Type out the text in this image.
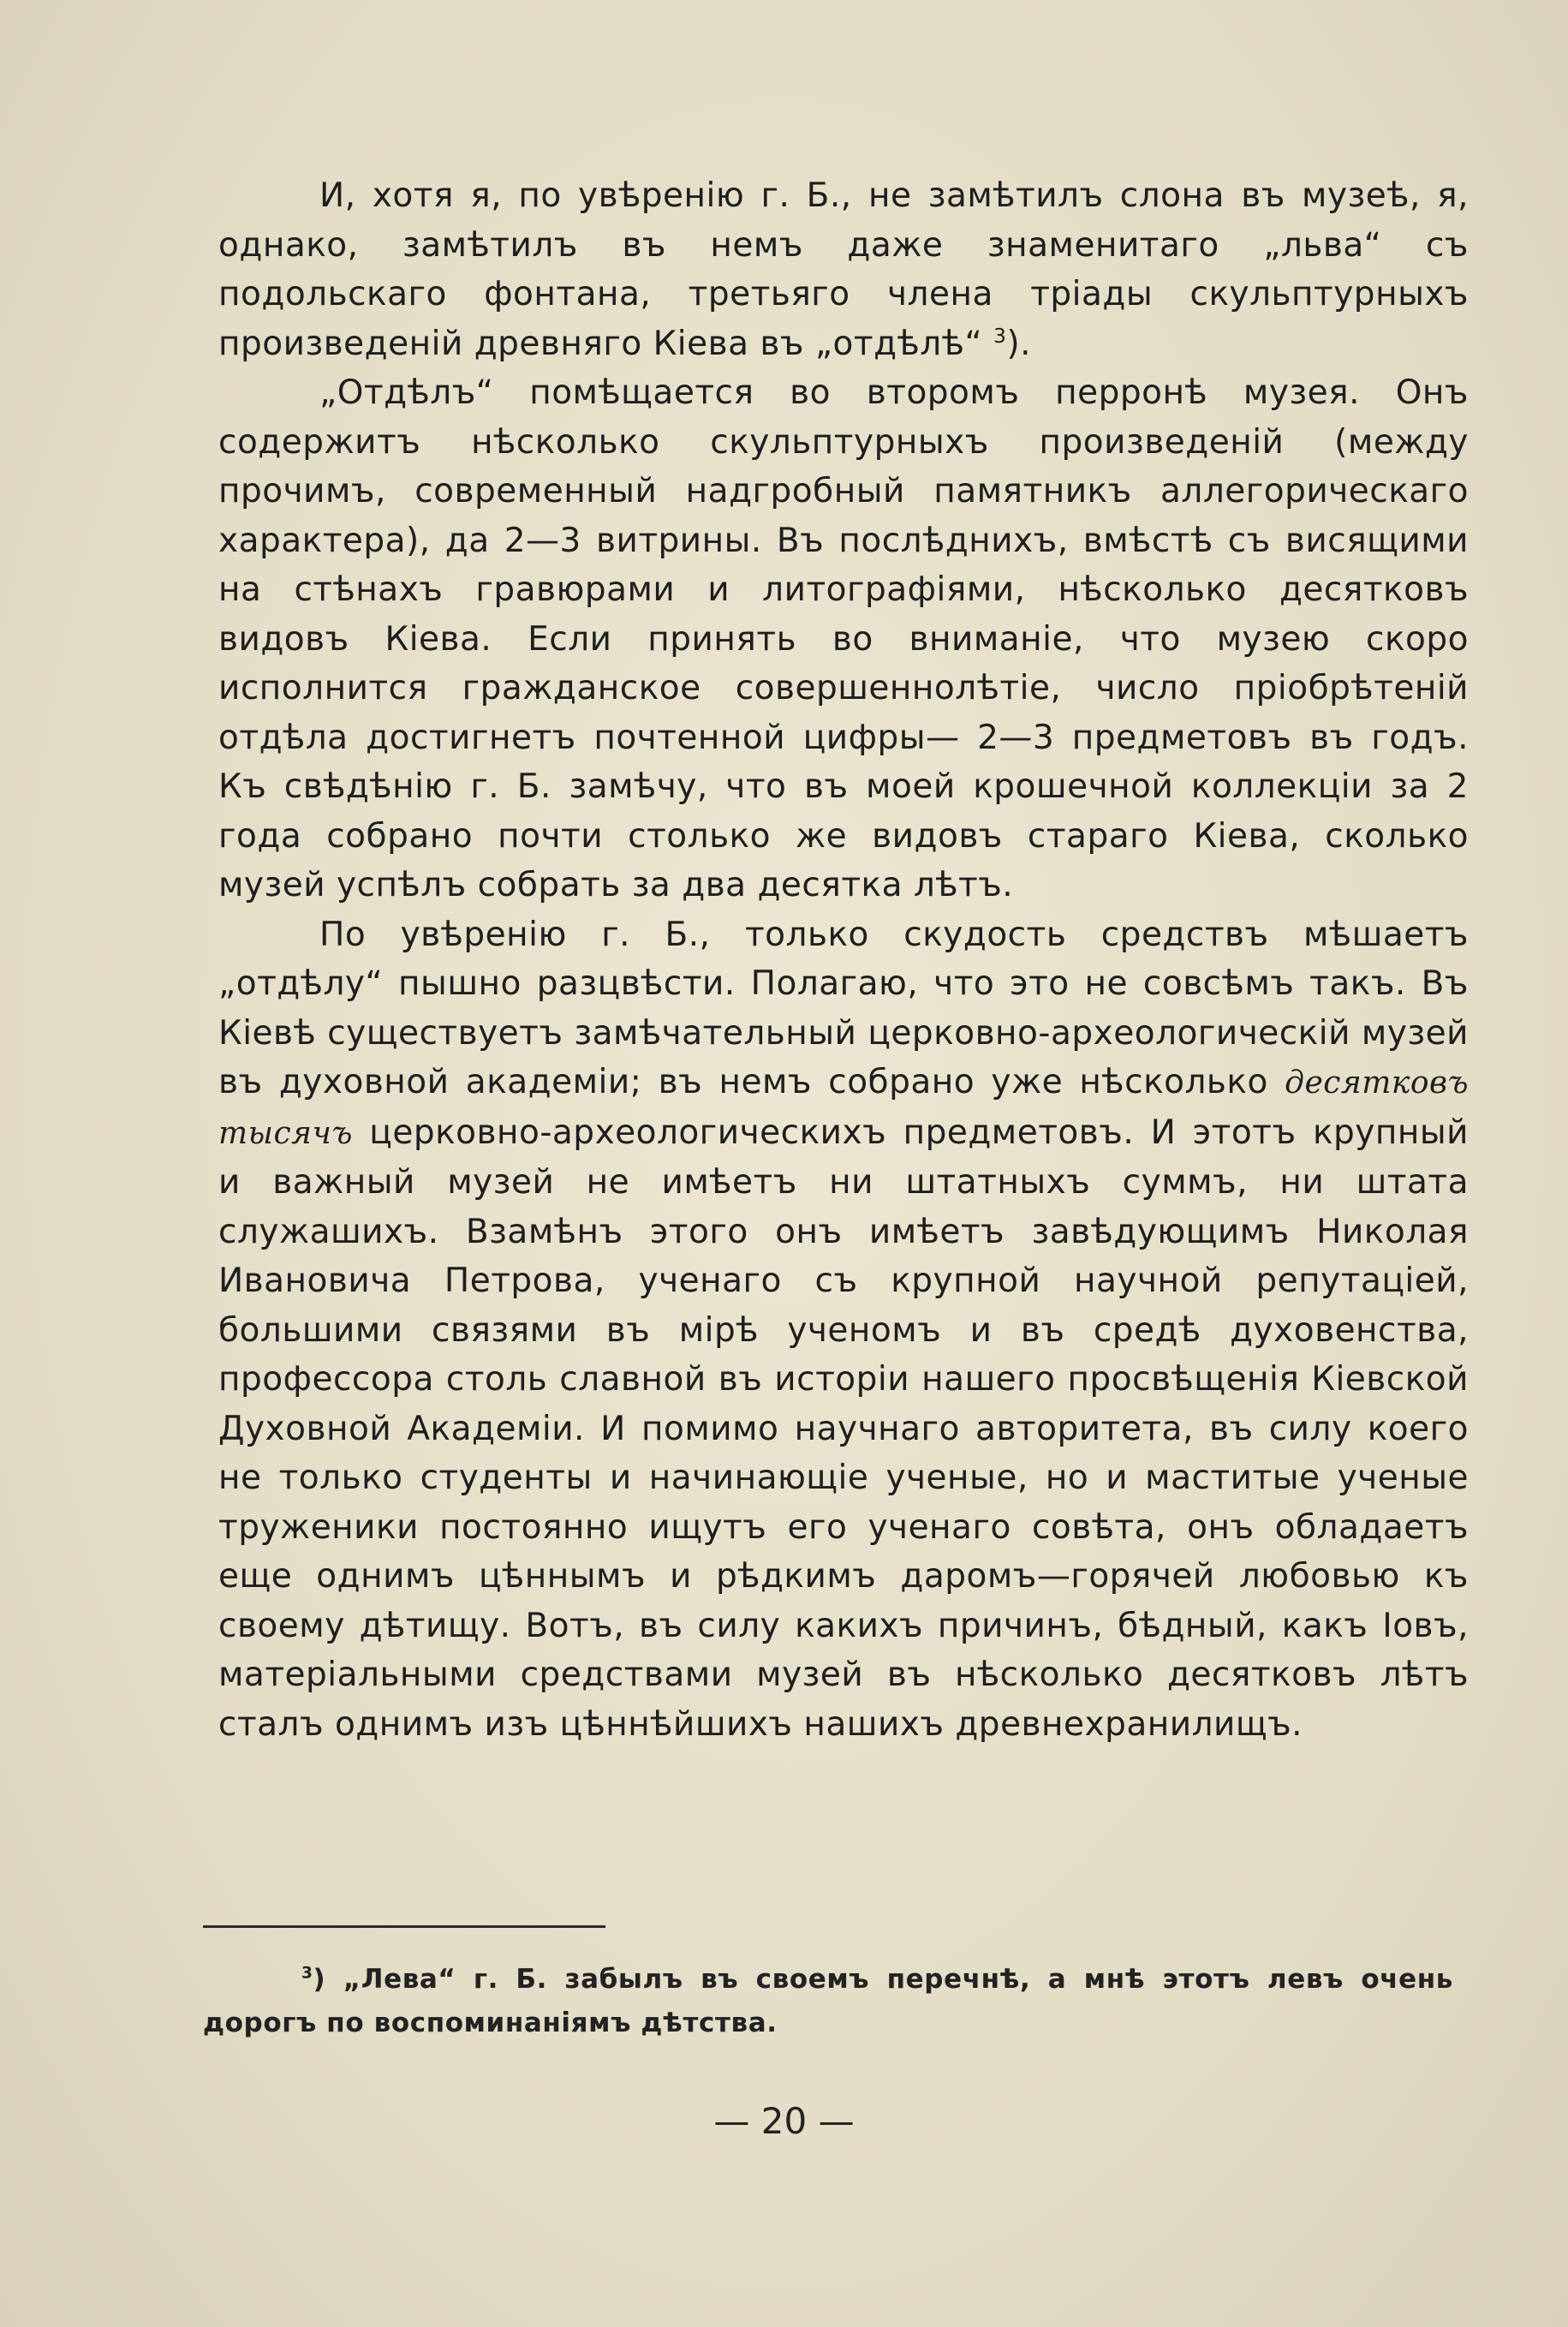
И, хотя я, по увѣренію г. Б., не замѣтилъ слона въ музеѣ, я, однако, замѣтилъ въ немъ даже знаменитаго „льва“ съ подольскаго фонтана, третьяго члена тріады скульптурныхъ произведеній древняго Кіева въ „отдѣлѣ“ $^3$).

„Отдѣлъ“ помѣщается во второмъ перронѣ музея. Онъ содержитъ нѣсколько скульптурныхъ произведеній (между прочимъ, современный надгробный памятникъ аллегорическаго характера), да 2—3 витрины. Въ послѣднихъ, вмѣстѣ съ висящими на стѣнахъ гравюрами и литографіями, нѣсколько десятковъ видовъ Кіева. Если принять во вниманіе, что музею скоро исполнится гражданское совершеннолѣтіе, число пріобрѣтеній отдѣла достигнетъ почтенной цифры— 2—3 предметовъ въ годъ. Къ свѣдѣнію г. Б. замѣчу, что въ моей крошечной коллекціи за 2 года собрано почти столько же видовъ стараго Кіева, сколько музей успѣлъ собрать за два десятка лѣтъ.

По увѣренію г. Б., только скудость средствъ мѣшаетъ „отдѣлу“ пышно разцвѣсти. Полагаю, что это не совсѣмъ такъ. Въ Кіевѣ существуетъ замѣчательный церковно-археологическій музей въ духовной академіи; въ немъ собрано уже нѣсколько десятковъ тысячъ церковно-археологическихъ предметовъ. И этотъ крупный и важный музей не имѣетъ ни штатныхъ суммъ, ни штата служашихъ. Взамѣнъ этого онъ имѣетъ завѣдующимъ Николая Ивановича Петрова, ученаго съ крупной научной репутаціей, большими связями въ мірѣ ученомъ и въ средѣ духовенства, профессора столь славной въ исторіи нашего просвѣщенія Кіевской Духовной Академіи. И помимо научнаго авторитета, въ силу коего не только студенты и начинающіе ученые, но и маститые ученые труженики постоянно ищутъ его ученаго совѣта, онъ обладаетъ еще однимъ цѣннымъ и рѣдкимъ даромъ—горячей любовью къ своему дѣтищу. Вотъ, въ силу какихъ причинъ, бѣдный, какъ Іовъ, матеріальными средствами музей въ нѣсколько десятковъ лѣтъ сталъ однимъ изъ цѣннѣйшихъ нашихъ древнехранилищъ.

$^3$) „Лева“ г. Б. забылъ въ своемъ перечнѣ, а мнѣ этотъ левъ очень дорогъ по воспоминаніямъ дѣтства.

— 20 —
